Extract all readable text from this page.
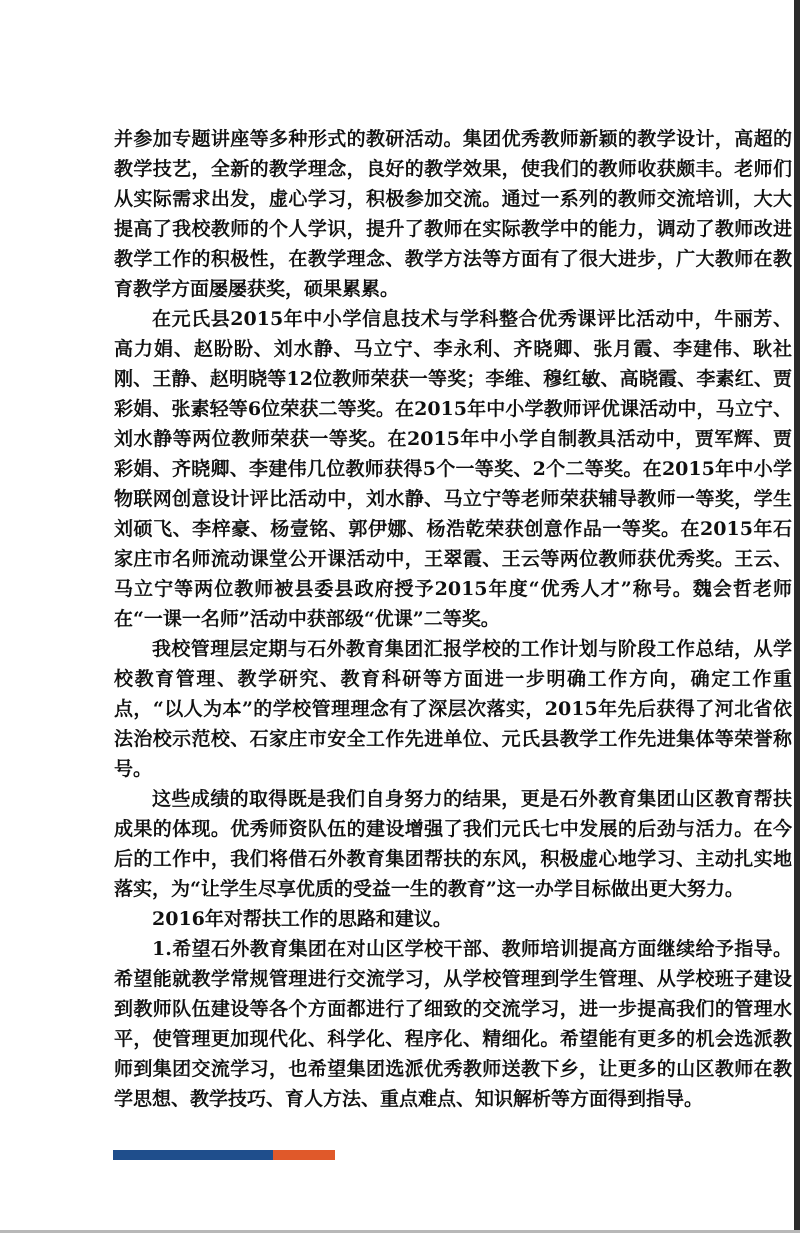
并参加专题讲座等多种形式的教研活动。集团优秀教师新颖的教学设计，高超的教学技艺，全新的教学理念，良好的教学效果，使我们的教师收获颇丰。老师们从实际需求出发，虚心学习，积极参加交流。通过一系列的教师交流培训，大大提高了我校教师的个人学识，提升了教师在实际教学中的能力，调动了教师改进教学工作的积极性，在教学理念、教学方法等方面有了很大进步，广大教师在教育教学方面屡屡获奖，硕果累累。

在元氏县2015年中小学信息技术与学科整合优秀课评比活动中，牛丽芳、高力娟、赵盼盼、刘水静、马立宁、李永利、齐晓卿、张月霞、李建伟、耿社刚、王静、赵明晓等12位教师荣获一等奖；李维、穆红敏、高晓霞、李素红、贾彩娟、张素轻等6位荣获二等奖。在2015年中小学教师评优课活动中，马立宁、刘水静等两位教师荣获一等奖。在2015年中小学自制教具活动中，贾军辉、贾彩娟、齐晓卿、李建伟几位教师获得5个一等奖、2个二等奖。在2015年中小学物联网创意设计评比活动中，刘水静、马立宁等老师荣获辅导教师一等奖，学生刘硕飞、李梓豪、杨壹铭、郭伊娜、杨浩乾荣获创意作品一等奖。在2015年石家庄市名师流动课堂公开课活动中，王翠霞、王云等两位教师获优秀奖。王云、马立宁等两位教师被县委县政府授予2015年度“优秀人才”称号。魏会哲老师在“一课一名师”活动中获部级“优课”二等奖。

我校管理层定期与石外教育集团汇报学校的工作计划与阶段工作总结，从学校教育管理、教学研究、教育科研等方面进一步明确工作方向，确定工作重点，“以人为本”的学校管理理念有了深层次落实，2015年先后获得了河北省依法治校示范校、石家庄市安全工作先进单位、元氏县教学工作先进集体等荣誉称号。

这些成绩的取得既是我们自身努力的结果，更是石外教育集团山区教育帮扶成果的体现。优秀师资队伍的建设增强了我们元氏七中发展的后劲与活力。在今后的工作中，我们将借石外教育集团帮扶的东风，积极虚心地学习、主动扎实地落实，为“让学生尽享优质的受益一生的教育”这一办学目标做出更大努力。

2016年对帮扶工作的思路和建议。

1.希望石外教育集团在对山区学校干部、教师培训提高方面继续给予指导。希望能就教学常规管理进行交流学习，从学校管理到学生管理、从学校班子建设到教师队伍建设等各个方面都进行了细致的交流学习，进一步提高我们的管理水平，使管理更加现代化、科学化、程序化、精细化。希望能有更多的机会选派教师到集团交流学习，也希望集团选派优秀教师送教下乡，让更多的山区教师在教学思想、教学技巧、育人方法、重点难点、知识解析等方面得到指导。
